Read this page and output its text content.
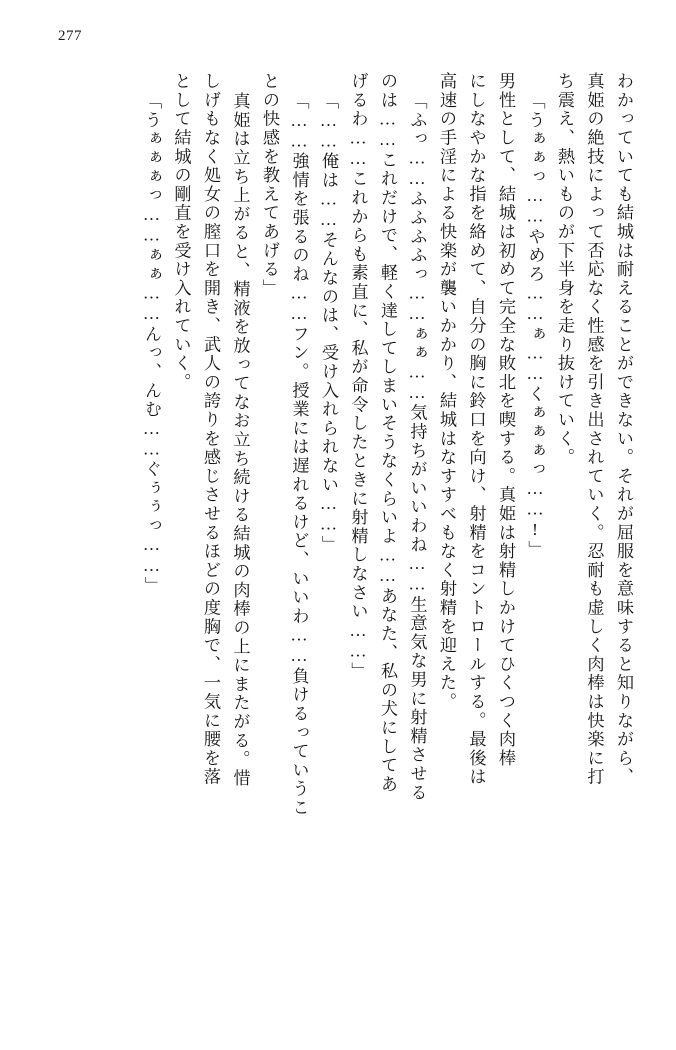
277
わかっていても結城は耐えることができない。それが屈服を意味すると知りながら、
真姫の絶技によって否応なく性感を引き出されていく。忍耐も虚しく肉棒は快楽に打
ち震え、熱いものが下半身を走り抜けていく。
「うぁぁっ……やめろ……ぁ……くぁぁぁっ……!」
男性として、結城は初めて完全な敗北を喫する。真姫は射精しかけてひくつく肉棒
にしなやかな指を絡めて、自分の胸に鈴口を向け、射精をコントロールする。最後は
高速の手淫による快楽が襲いかかり、結城はなすすべもなく射精を迎えた。
「ふっ……ふふふふっ……ぁぁ……気持ちがいいわね……生意気な男に射精させる
のは……これだけで、軽く達してしまいそうなくらいよ……あなた、私の犬にしてあ
げるわ……これからも素直に、私が命令したときに射精しなさい……」
「……俺は……そんなのは、受け入れられない……」
「……強情を張るのね……フン。授業には遅れるけど、いいわ……負けるっていうこ
との快感を教えてあげる」
真姫は立ち上がると、精液を放ってなお立ち続ける結城の肉棒の上にまたがる。惜
しげもなく処女の膣口を開き、武人の誇りを感じさせるほどの度胸で、一気に腰を落
として結城の剛直を受け入れていく。
「うぁぁぁっ……ぁぁ……んっ、んむ……ぐぅぅっ……」
